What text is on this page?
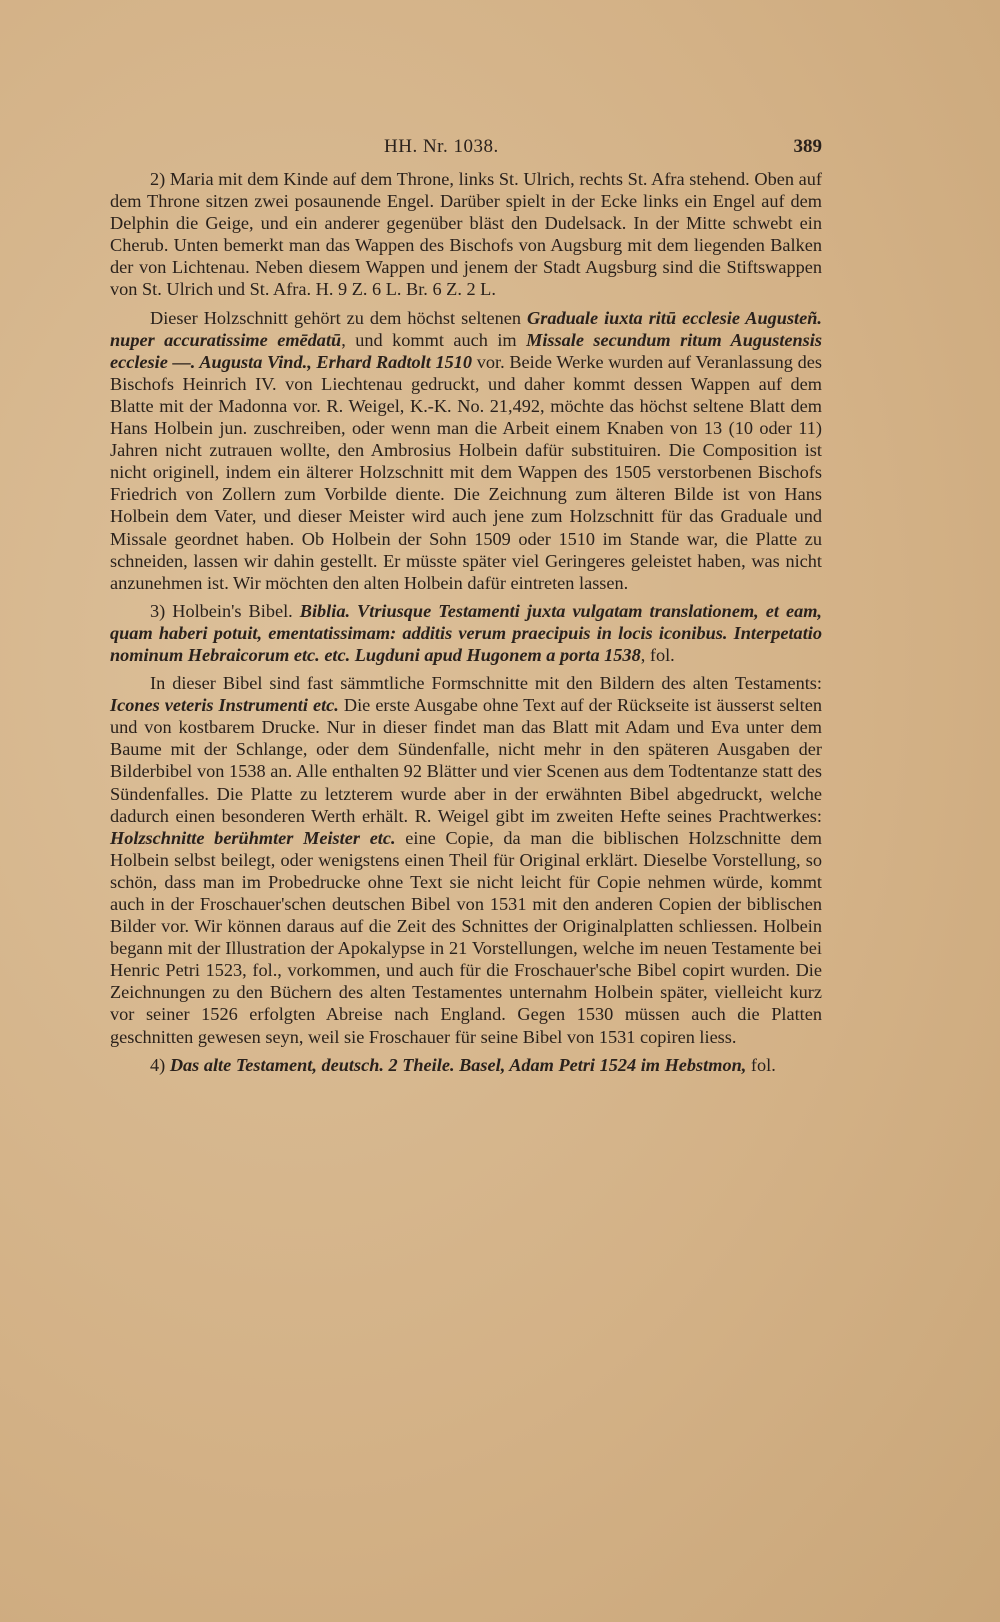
HH. Nr. 1038.	389

2) Maria mit dem Kinde auf dem Throne, links St. Ulrich, rechts St. Afra stehend. Oben auf dem Throne sitzen zwei posaunende Engel. Darüber spielt in der Ecke links ein Engel auf dem Delphin die Geige, und ein anderer gegenüber bläst den Dudelsack. In der Mitte schwebt ein Cherub. Unten bemerkt man das Wappen des Bischofs von Augsburg mit dem liegenden Balken der von Lichtenau. Neben diesem Wappen und jenem der Stadt Augsburg sind die Stiftswappen von St. Ulrich und St. Afra. H. 9 Z. 6 L. Br. 6 Z. 2 L.

Dieser Holzschnitt gehört zu dem höchst seltenen Graduale iuxta ritū ecclesie Augusteñ. nuper accuratissime emēdatū, und kommt auch im Missale secundum ritum Augustensis ecclesie —. Augusta Vind., Erhard Radtolt 1510 vor. Beide Werke wurden auf Veranlassung des Bischofs Heinrich IV. von Liechtenau gedruckt, und daher kommt dessen Wappen auf dem Blatte mit der Madonna vor. R. Weigel, K.-K. No. 21,492, möchte das höchst seltene Blatt dem Hans Holbein jun. zuschreiben, oder wenn man die Arbeit einem Knaben von 13 (10 oder 11) Jahren nicht zutrauen wollte, den Ambrosius Holbein dafür substituiren. Die Composition ist nicht originell, indem ein älterer Holzschnitt mit dem Wappen des 1505 verstorbenen Bischofs Friedrich von Zollern zum Vorbilde diente. Die Zeichnung zum älteren Bilde ist von Hans Holbein dem Vater, und dieser Meister wird auch jene zum Holzschnitt für das Graduale und Missale geordnet haben. Ob Holbein der Sohn 1509 oder 1510 im Stande war, die Platte zu schneiden, lassen wir dahin gestellt. Er müsste später viel Geringeres geleistet haben, was nicht anzunehmen ist. Wir möchten den alten Holbein dafür eintreten lassen.

3) Holbein's Bibel. Biblia. Vtriusque Testamenti juxta vulgatam translationem, et eam, quam haberi potuit, ementatissimam: additis verum praecipuis in locis iconibus. Interpetatio nominum Hebraicorum etc. etc. Lugduni apud Hugonem a porta 1538, fol.

In dieser Bibel sind fast sämmtliche Formschnitte mit den Bildern des alten Testaments: Icones veteris Instrumenti etc. Die erste Ausgabe ohne Text auf der Rückseite ist äusserst selten und von kostbarem Drucke. Nur in dieser findet man das Blatt mit Adam und Eva unter dem Baume mit der Schlange, oder dem Sündenfalle, nicht mehr in den späteren Ausgaben der Bilderbibel von 1538 an. Alle enthalten 92 Blätter und vier Scenen aus dem Todtentanze statt des Sündenfalles. Die Platte zu letzterem wurde aber in der erwähnten Bibel abgedruckt, welche dadurch einen besonderen Werth erhält. R. Weigel gibt im zweiten Hefte seines Prachtwerkes: Holzschnitte berühmter Meister etc. eine Copie, da man die biblischen Holzschnitte dem Holbein selbst beilegt, oder wenigstens einen Theil für Original erklärt. Dieselbe Vorstellung, so schön, dass man im Probedrucke ohne Text sie nicht leicht für Copie nehmen würde, kommt auch in der Froschauer'schen deutschen Bibel von 1531 mit den anderen Copien der biblischen Bilder vor. Wir können daraus auf die Zeit des Schnittes der Originalplatten schliessen. Holbein begann mit der Illustration der Apokalypse in 21 Vorstellungen, welche im neuen Testamente bei Henric Petri 1523, fol., vorkommen, und auch für die Froschauer'sche Bibel copirt wurden. Die Zeichnungen zu den Büchern des alten Testamentes unternahm Holbein später, vielleicht kurz vor seiner 1526 erfolgten Abreise nach England. Gegen 1530 müssen auch die Platten geschnitten gewesen seyn, weil sie Froschauer für seine Bibel von 1531 copiren liess.

4) Das alte Testament, deutsch. 2 Theile. Basel, Adam Petri 1524 im Hebstmon, fol.
